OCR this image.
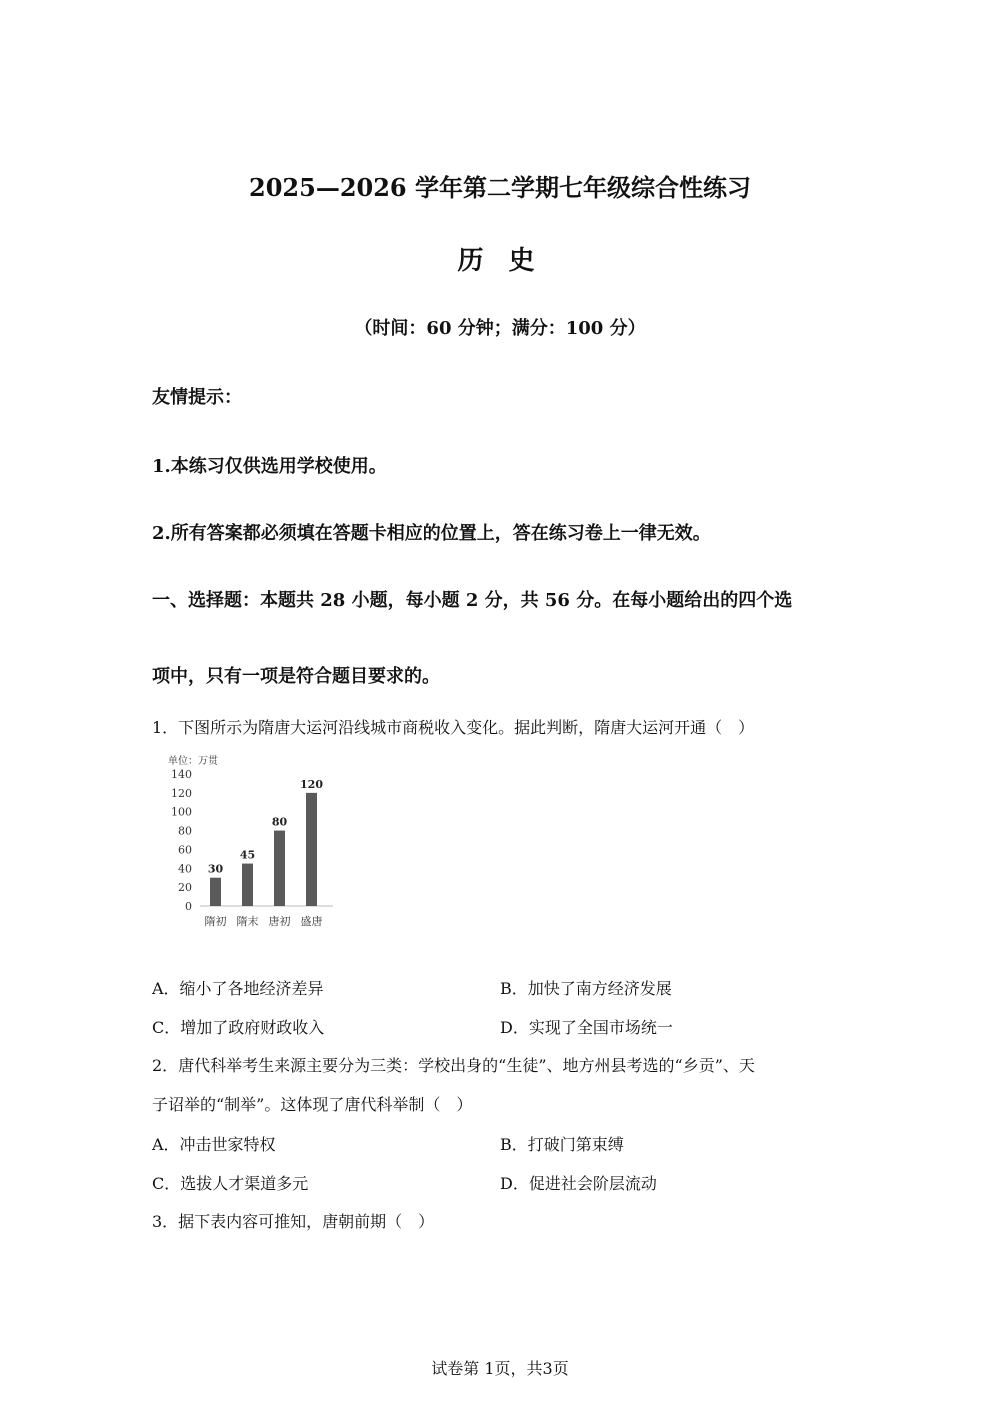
2025—2026 学年第二学期七年级综合性练习
历 史
（时间：60 分钟；满分：100 分）
友情提示：
1.本练习仅供选用学校使用。
2.所有答案都必须填在答题卡相应的位置上，答在练习卷上一律无效。
一、选择题：本题共 28 小题，每小题 2 分，共 56 分。在每小题给出的四个选
项中，只有一项是符合题目要求的。
1．下图所示为隋唐大运河沿线城市商税收入变化。据此判断，隋唐大运河开通（　）
单位：万贯
0
20
40
60
80
100
120
140
30
隋初
45
隋末
80
唐初
120
盛唐
A．缩小了各地经济差异	B．加快了南方经济发展
C．增加了政府财政收入	D．实现了全国市场统一
2．唐代科举考生来源主要分为三类：学校出身的“生徒”、地方州县考选的“乡贡”、天
子诏举的“制举”。这体现了唐代科举制（　）
A．冲击世家特权	B．打破门第束缚
C．选拔人才渠道多元	D．促进社会阶层流动
3．据下表内容可推知，唐朝前期（　）
试卷第 1页，共3页
